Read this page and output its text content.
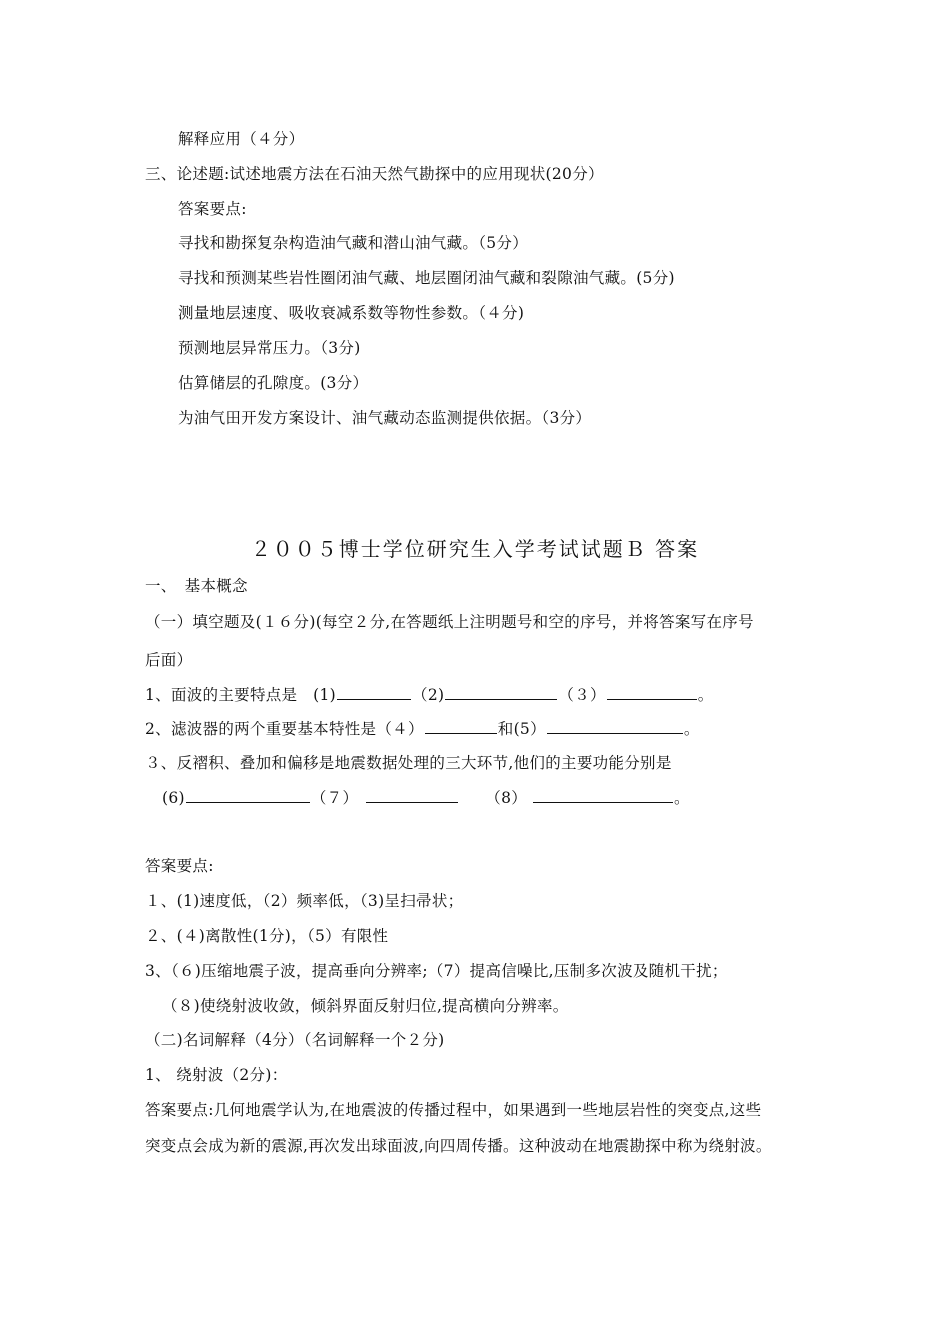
解释应用（４分）
三、论述题:试述地震方法在石油天然气勘探中的应用现状(20分）
答案要点:
寻找和勘探复杂构造油气藏和潜山油气藏。（5分）
寻找和预测某些岩性圈闭油气藏、地层圈闭油气藏和裂隙油气藏。(5分)
测量地层速度、吸收衰减系数等物性参数。（４分)
预测地层异常压力。（3分)
估算储层的孔隙度。(3分）
为油气田开发方案设计、油气藏动态监测提供依据。（3分）
２００５博士学位研究生入学考试试题Ｂ 答案
一、　基本概念
（一）填空题及(１６分)(每空２分,在答题纸上注明题号和空的序号，并将答案写在序号
后面）
1、面波的主要特点是　(1)	（2)	（３）	。
2、滤波器的两个重要基本特性是（４）	和(5）	。
３、反褶积、叠加和偏移是地震数据处理的三大环节,他们的主要功能分别是
(6)	（７）	（8）	。
答案要点:
１、(1)速度低，（2）频率低，（3)呈扫帚状；
２、(４)离散性(1分)，（5）有限性
3、（６)压缩地震子波，提高垂向分辨率;（7）提高信噪比,压制多次波及随机干扰；
（８)使绕射波收敛，倾斜界面反射归位,提高横向分辨率。
（二)名词解释（4分）（名词解释一个２分)
1、 绕射波（2分)：
答案要点:几何地震学认为,在地震波的传播过程中，如果遇到一些地层岩性的突变点,这些
突变点会成为新的震源,再次发出球面波,向四周传播。这种波动在地震勘探中称为绕射波。
